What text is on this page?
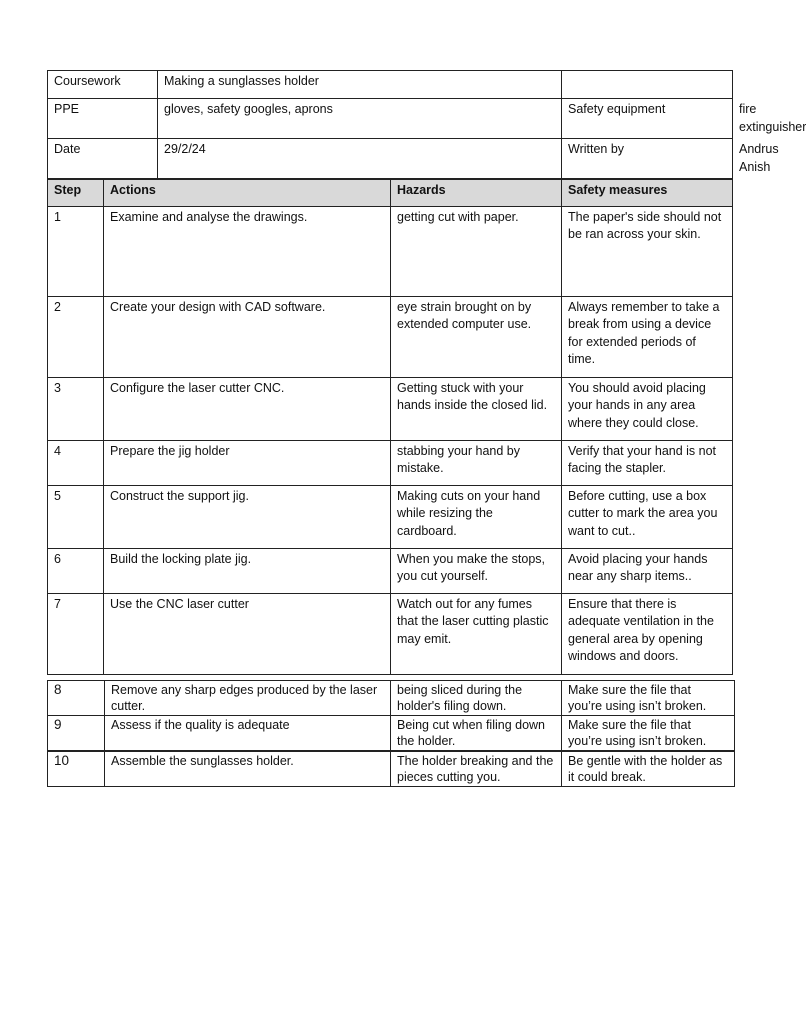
Coursework		Making a sunglasses holder			
PPE		gloves, safety googles, aprons		Safety equipment	fire extinguisher
Date		29/2/24		Written by	Andrus Anish
Step	Actions		Hazards	Safety measures	
1	Examine and analyse the drawings.		getting cut with paper.	The paper's side should not be ran across your skin.	
2	Create your design with CAD software.		eye strain brought on by extended computer use.	Always remember to take a break from using a device for extended periods of time.	
3	Configure the laser cutter CNC.		Getting stuck with your hands inside the closed lid.	You should avoid placing your hands in any area where they could close.	
4	Prepare the jig holder		stabbing your hand by mistake.	Verify that your hand is not facing the stapler.	
5	Construct the support jig.		Making cuts on your hand while resizing the cardboard.	Before cutting, use a box cutter to mark the area you want to cut..	
6	Build the locking plate jig.		When you make the stops, you cut yourself.	Avoid placing your hands near any sharp items..	
7	Use the CNC laser cutter		Watch out for any fumes that the laser cutting plastic may emit.	Ensure that there is adequate ventilation in the general area by opening windows and doors.	
8	Remove any sharp edges produced by the laser cutter.	being sliced during the holder's filing down.	Make sure the file that you’re using isn’t broken.
9	Assess if the quality is adequate	Being cut when filing down the holder.	Make sure the file that you’re using isn’t broken.
10	Assemble the sunglasses holder.	The holder breaking and the pieces cutting you.	Be gentle with the holder as it could break.
